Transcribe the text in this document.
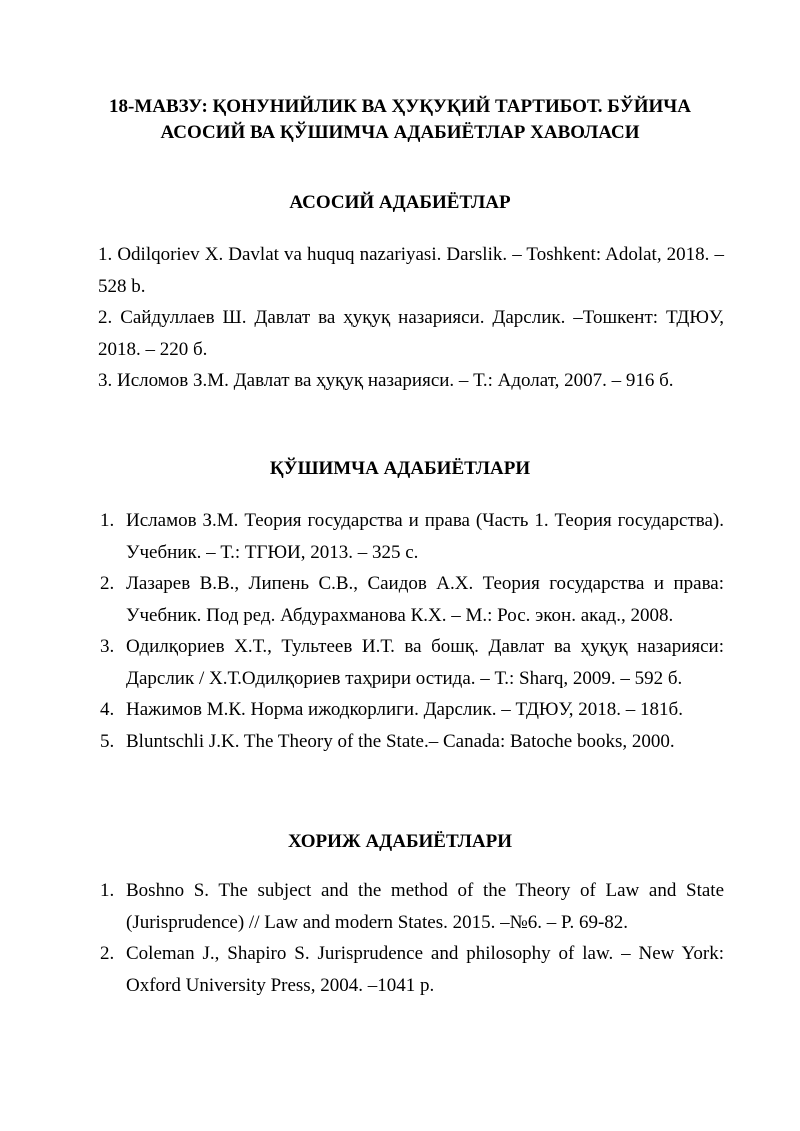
18-МАВЗУ: ҚОНУНИЙЛИК ВА ҲУҚУҚИЙ ТАРТИБОТ. БЎЙИЧА
АСОСИЙ ВА ҚЎШИМЧА АДАБИЁТЛАР ХАВОЛАСИ
АСОСИЙ АДАБИЁТЛАР
1. Odilqoriev X. Davlat va huquq nazariyasi. Darslik. – Toshkent: Adolat, 2018. – 528 b.
2. Сайдуллаев Ш. Давлат ва ҳуқуқ назарияси. Дарслик. –Тошкент: ТДЮУ, 2018. – 220 б.
3. Исломов З.М. Давлат ва ҳуқуқ назарияси. – Т.: Адолат, 2007. – 916 б.
ҚЎШИМЧА АДАБИЁТЛАРИ
1. Исламов З.М. Теория государства и права (Часть 1. Теория государства). Учебник. – Т.: ТГЮИ, 2013. – 325 с.
2. Лазарев В.В., Липень С.В., Саидов А.Х. Теория государства и права: Учебник. Под ред. Абдурахманова К.Х. – М.: Рос. экон. акад., 2008.
3. Одилқориев Х.Т., Тультеев И.Т. ва бошқ. Давлат ва ҳуқуқ назарияси: Дарслик / Х.Т.Одилқориев таҳрири остида. – Т.: Sharq, 2009. – 592 б.
4. Нажимов М.К. Норма ижодкорлиги. Дарслик. – ТДЮУ, 2018. – 181б.
5. Bluntschli J.K. The Theory of the State.– Canada: Batoche books, 2000.
ХОРИЖ АДАБИЁТЛАРИ
1. Boshno S. The subject and the method of the Theory of Law and State (Jurisprudence) // Law and modern States. 2015. –№6. – P. 69-82.
2. Coleman J., Shapiro S. Jurisprudence and philosophy of law. – New York: Oxford University Press, 2004. –1041 p.
